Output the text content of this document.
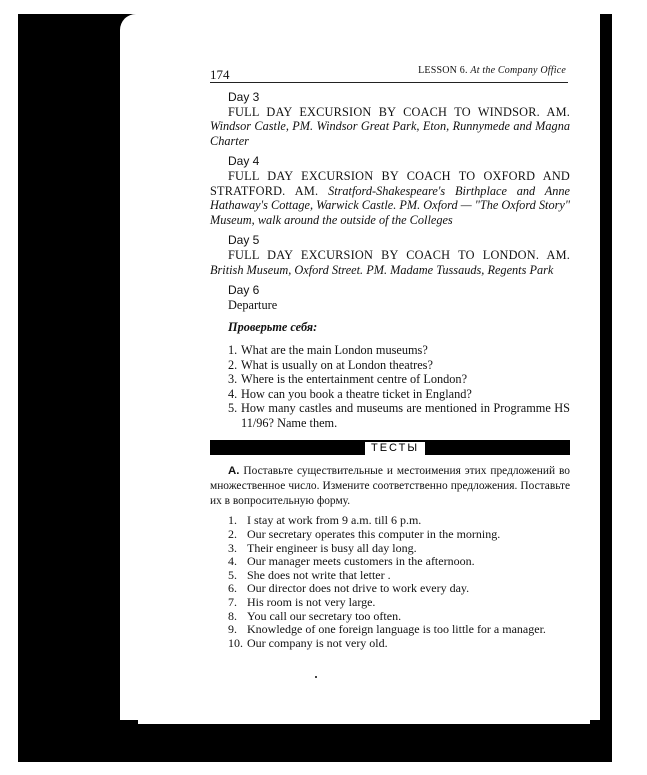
174	LESSON 6. At the Company Office
Day 3
FULL DAY EXCURSION BY COACH TO WINDSOR. AM. Windsor Castle, PM. Windsor Great Park, Eton, Runnymede and Magna Charter
Day 4
FULL DAY EXCURSION BY COACH TO OXFORD AND STRATFORD. AM. Stratford-Shakespeare's Birthplace and Anne Hathaway's Cottage, Warwick Castle. PM. Oxford — "The Oxford Story" Museum, walk around the outside of the Colleges
Day 5
FULL DAY EXCURSION BY COACH TO LONDON. AM. British Museum, Oxford Street. PM. Madame Tussauds, Regents Park
Day 6
Departure
Проверьте себя:
1. What are the main London museums?
2. What is usually on at London theatres?
3. Where is the entertainment centre of London?
4. How can you book a theatre ticket in England?
5. How many castles and museums are mentioned in Programme HS 11/96? Name them.
ТЕСТЫ
А. Поставьте существительные и местоимения этих предложений во множественное число. Измените соответственно предложения. Поставьте их в вопросительную форму.
1. I stay at work from 9 a.m. till 6 p.m.
2. Our secretary operates this computer in the morning.
3. Their engineer is busy all day long.
4. Our manager meets customers in the afternoon.
5. She does not write that letter .
6. Our director does not drive to work every day.
7. His room is not very large.
8. You call our secretary too often.
9. Knowledge of one foreign language is too little for a manager.
10. Our company is not very old.
